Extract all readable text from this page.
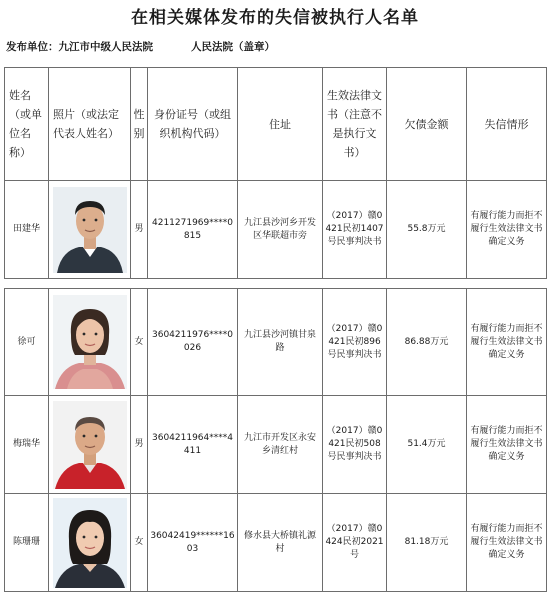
在相关媒体发布的失信被执行人名单
发布单位：九江市中级人民法院	人民法院（盖章）
姓名（或单位名称）	照片（或法定代表人姓名）	性别	身份证号（或组织机构代码）	住址	生效法律文书（注意不是执行文书）	欠债金额	失信情形
田建华		男	4211271969****0815	九江县沙河乡开发区华联超市旁	（2017）赣0421民初1407号民事判决书	55.8万元	有履行能力而拒不履行生效法律文书确定义务
徐可		女	3604211976****0026	九江县沙河镇甘泉路	（2017）赣0421民初896号民事判决书	86.88万元	有履行能力而拒不履行生效法律文书确定义务
梅瑞华		男	3604211964****4411	九江市开发区永安乡清红村	（2017）赣0421民初508号民事判决书	51.4万元	有履行能力而拒不履行生效法律文书确定义务
陈珊珊		女	36042419******1603	修水县大桥镇礼源村	（2017）赣0424民初2021号	81.18万元	有履行能力而拒不履行生效法律文书确定义务
